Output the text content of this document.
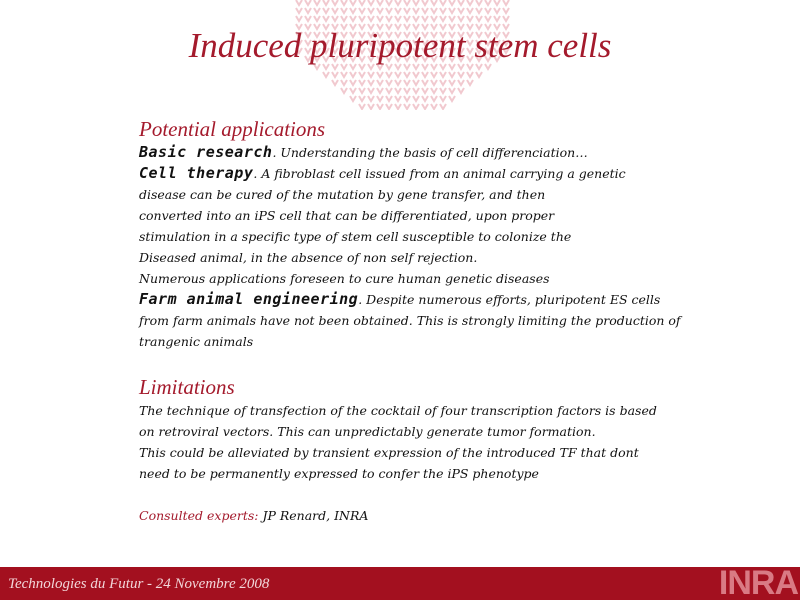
Induced pluripotent stem cells

Potential applications

Basic research. Understanding the basis of cell differenciation…

Cell therapy. A fibroblast cell issued from an animal carrying a genetic

disease can be cured of the mutation by gene transfer, and then

converted into an iPS cell that can be differentiated, upon proper

stimulation in a specific type of stem cell susceptible to colonize the

Diseased animal, in the absence of non self rejection.

Numerous applications foreseen to cure human genetic diseases

Farm animal engineering. Despite numerous efforts, pluripotent ES cells

from farm animals have not been obtained. This is strongly limiting the production of

trangenic animals

Limitations

The technique of transfection of the cocktail of four transcription factors is based

on retroviral vectors. This can unpredictably generate tumor formation.

This could be alleviated by transient expression of the introduced TF that dont

need to be permanently expressed to confer the iPS phenotype

Consulted experts: JP Renard, INRA

Technologies du Futur - 24 Novembre 2008	INRA
